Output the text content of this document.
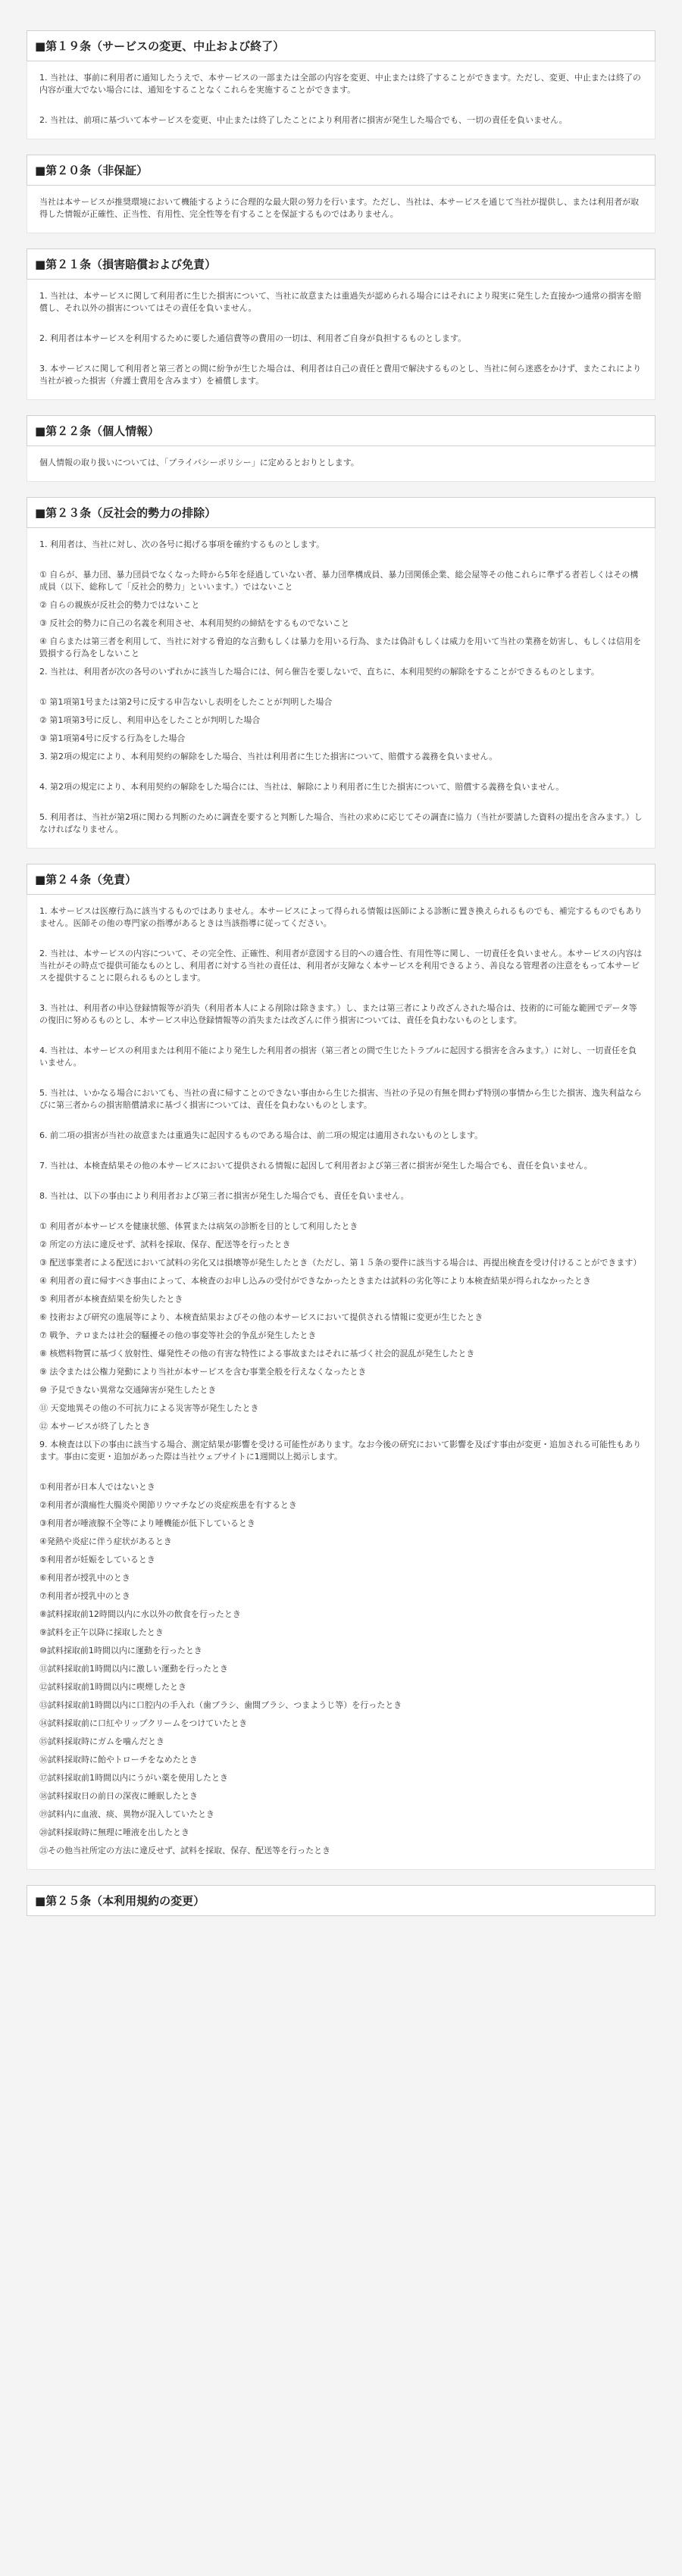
■第１９条（サービスの変更、中止および終了）

1. 当社は、事前に利用者に通知したうえで、本サービスの一部または全部の内容を変更、中止または終了することができます。ただし、変更、中止または終了の内容が重大でない場合には、通知をすることなくこれらを実施することができます。

2. 当社は、前項に基づいて本サービスを変更、中止または終了したことにより利用者に損害が発生した場合でも、一切の責任を負いません。

■第２０条（非保証）

当社は本サービスが推奨環境において機能するように合理的な最大限の努力を行います。ただし、当社は、本サービスを通じて当社が提供し、または利用者が取得した情報が正確性、正当性、有用性、完全性等を有することを保証するものではありません。

■第２１条（損害賠償および免責）

1. 当社は、本サービスに関して利用者に生じた損害について、当社に故意または重過失が認められる場合にはそれにより現実に発生した直接かつ通常の損害を賠償し、それ以外の損害についてはその責任を負いません。

2. 利用者は本サービスを利用するために要した通信費等の費用の一切は、利用者ご自身が負担するものとします。

3. 本サービスに関して利用者と第三者との間に紛争が生じた場合は、利用者は自己の責任と費用で解決するものとし、当社に何ら迷惑をかけず、またこれにより当社が被った損害（弁護士費用を含みます）を補償します。

■第２２条（個人情報）

個人情報の取り扱いについては、「プライバシーポリシー」に定めるとおりとします。

■第２３条（反社会的勢力の排除）

1. 利用者は、当社に対し、次の各号に掲げる事項を確約するものとします。

① 自らが、暴力団、暴力団員でなくなった時から5年を経過していない者、暴力団準構成員、暴力団関係企業、総会屋等その他これらに準ずる者若しくはその構成員（以下、総称して「反社会的勢力」といいます。）ではないこと

② 自らの親族が反社会的勢力ではないこと

③ 反社会的勢力に自己の名義を利用させ、本利用契約の締結をするものでないこと

④ 自らまたは第三者を利用して、当社に対する脅迫的な言動もしくは暴力を用いる行為、または偽計もしくは威力を用いて当社の業務を妨害し、もしくは信用を毀損する行為をしないこと

2. 当社は、利用者が次の各号のいずれかに該当した場合には、何ら催告を要しないで、直ちに、本利用契約の解除をすることができるものとします。

① 第1項第1号または第2号に反する申告ないし表明をしたことが判明した場合

② 第1項第3号に反し、利用申込をしたことが判明した場合

③ 第1項第4号に反する行為をした場合

3. 第2項の規定により、本利用契約の解除をした場合、当社は利用者に生じた損害について、賠償する義務を負いません。

4. 第2項の規定により、本利用契約の解除をした場合には、当社は、解除により利用者に生じた損害について、賠償する義務を負いません。

5. 利用者は、当社が第2項に関わる判断のために調査を要すると判断した場合、当社の求めに応じてその調査に協力（当社が要請した資料の提出を含みます。）しなければなりません。

■第２４条（免責）

1. 本サービスは医療行為に該当するものではありません。本サービスによって得られる情報は医師による診断に置き換えられるものでも、補完するものでもありません。医師その他の専門家の指導があるときは当該指導に従ってください。

2. 当社は、本サービスの内容について、その完全性、正確性、利用者が意図する目的への適合性、有用性等に関し、一切責任を負いません。本サービスの内容は当社がその時点で提供可能なものとし、利用者に対する当社の責任は、利用者が支障なく本サービスを利用できるよう、善良なる管理者の注意をもって本サービスを提供することに限られるものとします。

3. 当社は、利用者の申込登録情報等が消失（利用者本人による削除は除きます。）し、または第三者により改ざんされた場合は、技術的に可能な範囲でデータ等の復旧に努めるものとし、本サービス申込登録情報等の消失または改ざんに伴う損害については、責任を負わないものとします。

4. 当社は、本サービスの利用または利用不能により発生した利用者の損害（第三者との間で生じたトラブルに起因する損害を含みます。）に対し、一切責任を負いません。

5. 当社は、いかなる場合においても、当社の責に帰すことのできない事由から生じた損害、当社の予見の有無を問わず特別の事情から生じた損害、逸失利益ならびに第三者からの損害賠償請求に基づく損害については、責任を負わないものとします。

6. 前二項の損害が当社の故意または重過失に起因するものである場合は、前二項の規定は適用されないものとします。

7. 当社は、本検査結果その他の本サービスにおいて提供される情報に起因して利用者および第三者に損害が発生した場合でも、責任を負いません。

8. 当社は、以下の事由により利用者および第三者に損害が発生した場合でも、責任を負いません。

① 利用者が本サービスを健康状態、体質または病気の診断を目的として利用したとき

② 所定の方法に違反せず、試料を採取、保存、配送等を行ったとき

③ 配送事業者による配送において試料の劣化又は損壊等が発生したとき（ただし、第１５条の要件に該当する場合は、再提出検査を受け付けることができます）

④ 利用者の責に帰すべき事由によって、本検査のお申し込みの受付ができなかったときまたは試料の劣化等により本検査結果が得られなかったとき

⑤ 利用者が本検査結果を紛失したとき

⑥ 技術および研究の進展等により、本検査結果およびその他の本サービスにおいて提供される情報に変更が生じたとき

⑦ 戦争、テロまたは社会的騒擾その他の事変等社会的争乱が発生したとき

⑧ 核燃料物質に基づく放射性、爆発性その他の有害な特性による事故またはそれに基づく社会的混乱が発生したとき

⑨ 法令または公権力発動により当社が本サービスを含む事業全般を行えなくなったとき

⑩ 予見できない異常な交通障害が発生したとき

⑪ 天変地異その他の不可抗力による災害等が発生したとき

⑫ 本サービスが終了したとき

9. 本検査は以下の事由に該当する場合、測定結果が影響を受ける可能性があります。なお今後の研究において影響を及ぼす事由が変更・追加される可能性もあります。事由に変更・追加があった際は当社ウェブサイトに1週間以上掲示します。

①利用者が日本人ではないとき

②利用者が潰瘍性大腸炎や関節リウマチなどの炎症疾患を有するとき

③利用者が唾液腺不全等により唾機能が低下しているとき

④発熱や炎症に伴う症状があるとき

⑤利用者が妊娠をしているとき

⑥利用者が授乳中のとき

⑦利用者が授乳中のとき

⑧試料採取前12時間以内に水以外の飲食を行ったとき

⑨試料を正午以降に採取したとき

⑩試料採取前1時間以内に運動を行ったとき

⑪試料採取前1時間以内に激しい運動を行ったとき

⑫試料採取前1時間以内に喫煙したとき

⑬試料採取前1時間以内に口腔内の手入れ（歯ブラシ、歯間ブラシ、つまようじ等）を行ったとき

⑭試料採取前に口紅やリップクリームをつけていたとき

⑮試料採取時にガムを噛んだとき

⑯試料採取時に飴やトローチをなめたとき

⑰試料採取前1時間以内にうがい薬を使用したとき

⑱試料採取日の前日の深夜に睡眠したとき

⑲試料内に血液、痰、異物が混入していたとき

⑳試料採取時に無理に唾液を出したとき

㉑その他当社所定の方法に違反せず、試料を採取、保存、配送等を行ったとき

■第２５条（本利用規約の変更）
